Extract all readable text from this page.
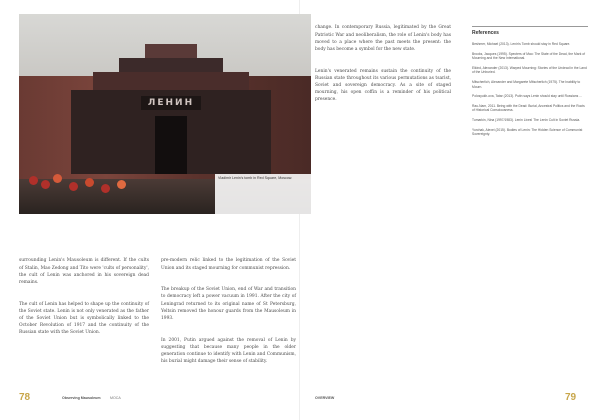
ЛЕНИН
Vladimir Lenin's tomb in Red Square, Moscow.

surrounding Lenin's Mausoleum is different. If the cults of Stalin, Mao Zedong and Tito were 'cults of personality', the cult of Lenin was anchored in his sovereign dead remains.

The cult of Lenin has helped to shape up the continuity of the Soviet state. Lenin is not only venerated as the father of the Soviet Union but is symbolically linked to the October Revolution of 1917 and the continuity of the Russian state with the Soviet Union.

pre-modern relic linked to the legitimation of the Soviet Union and its staged mourning for communist repression.

The breakup of the Soviet Union, end of War and transition to democracy left a power vacuum in 1991. After the city of Leningrad returned to its original name of St Petersburg, Yeltsin removed the honour guards from the Mausoleum in 1993.

In 2001, Putin argued against the removal of Lenin by suggesting that because many people in the older generation continue to identify with Lenin and Communism, his burial might damage their sense of stability.

change. In contemporary Russia, legitimated by the Great Patriotic War and neoliberalism, the role of Lenin's body has moved to a place where the past meets the present: the body has become a symbol for the new state.

Lenin's venerated remains sustain the continuity of the Russian state throughout its various permutations as tsarist, Soviet and sovereign democracy. As a site of staged mourning, his open coffin is a reminder of his political presence.

References

Beshmer, Michael (2013). Lenin's Tomb should stay in Red Square.

Brooks, Jacques (1995). Specters of Mao: The State of the Dead, the Mark of Mourning and the New International.

Elkind, Alexander (2013). Warped Mourning: Stories of the Undead in the Land of the Unburied.

Mitscherlich, Alexander and Margarete Mitscherlich (1975). The Inability to Mourn.

Polosyukh-ova, Tatar (2013). Putin says Lenin should stay until Russians ...

Rau-Nam, 2011. Being with the Dead: Burial, Ancestral Politics and the Roots of Historical Consciousness.

Tumarkin, Nina (1997/1983). Lenin Lives! The Lenin Cult in Soviet Russia.

Yurchak, Alexei (2015). Bodies of Lenin: The Hidden Science of Communist Sovereignty.

78	Observing Mausoleum	MOCA	OVERVIEW	79
